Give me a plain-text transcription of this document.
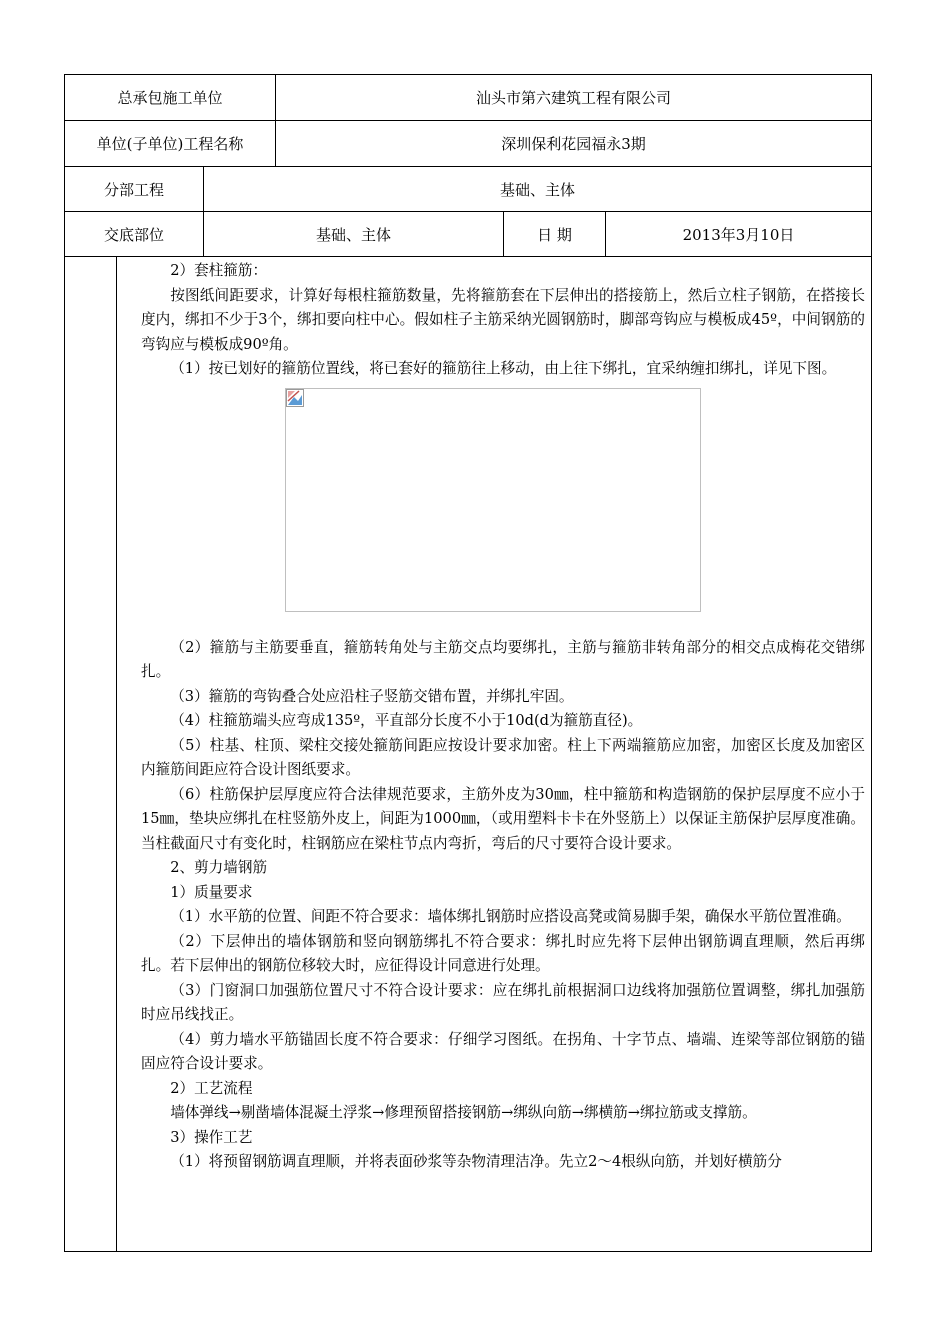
总承包施工单位	汕头市第六建筑工程有限公司
单位(子单位)工程名称	深圳保利花园福永3期
分部工程	基础、主体
交底部位	基础、主体	日 期	2013年3月10日

2）套柱箍筋：

按图纸间距要求，计算好每根柱箍筋数量，先将箍筋套在下层伸出的搭接筋上，然后立柱子钢筋，在搭接长度内，绑扣不少于3个，绑扣要向柱中心。假如柱子主筋采纳光圆钢筋时，脚部弯钩应与模板成45º，中间钢筋的弯钩应与模板成90º角。

（1）按已划好的箍筋位置线，将已套好的箍筋往上移动，由上往下绑扎，宜采纳缠扣绑扎，详见下图。

（2）箍筋与主筋要垂直，箍筋转角处与主筋交点均要绑扎，主筋与箍筋非转角部分的相交点成梅花交错绑扎。

（3）箍筋的弯钩叠合处应沿柱子竖筋交错布置，并绑扎牢固。

（4）柱箍筋端头应弯成135º，平直部分长度不小于10d(d为箍筋直径)。

（5）柱基、柱顶、梁柱交接处箍筋间距应按设计要求加密。柱上下两端箍筋应加密，加密区长度及加密区内箍筋间距应符合设计图纸要求。

（6）柱筋保护层厚度应符合法律规范要求，主筋外皮为30㎜，柱中箍筋和构造钢筋的保护层厚度不应小于15㎜，垫块应绑扎在柱竖筋外皮上，间距为1000㎜，（或用塑料卡卡在外竖筋上）以保证主筋保护层厚度准确。当柱截面尺寸有变化时，柱钢筋应在梁柱节点内弯折，弯后的尺寸要符合设计要求。

2、剪力墙钢筋

1）质量要求

（1）水平筋的位置、间距不符合要求：墙体绑扎钢筋时应搭设高凳或简易脚手架，确保水平筋位置准确。

（2）下层伸出的墙体钢筋和竖向钢筋绑扎不符合要求：绑扎时应先将下层伸出钢筋调直理顺，然后再绑扎。若下层伸出的钢筋位移较大时，应征得设计同意进行处理。

（3）门窗洞口加强筋位置尺寸不符合设计要求：应在绑扎前根据洞口边线将加强筋位置调整，绑扎加强筋时应吊线找正。

（4）剪力墙水平筋锚固长度不符合要求：仔细学习图纸。在拐角、十字节点、墙端、连梁等部位钢筋的锚固应符合设计要求。

2）工艺流程

墙体弹线→剔凿墙体混凝土浮浆→修理预留搭接钢筋→绑纵向筋→绑横筋→绑拉筋或支撑筋。

3）操作工艺

（1）将预留钢筋调直理顺，并将表面砂浆等杂物清理洁净。先立2～4根纵向筋，并划好横筋分
